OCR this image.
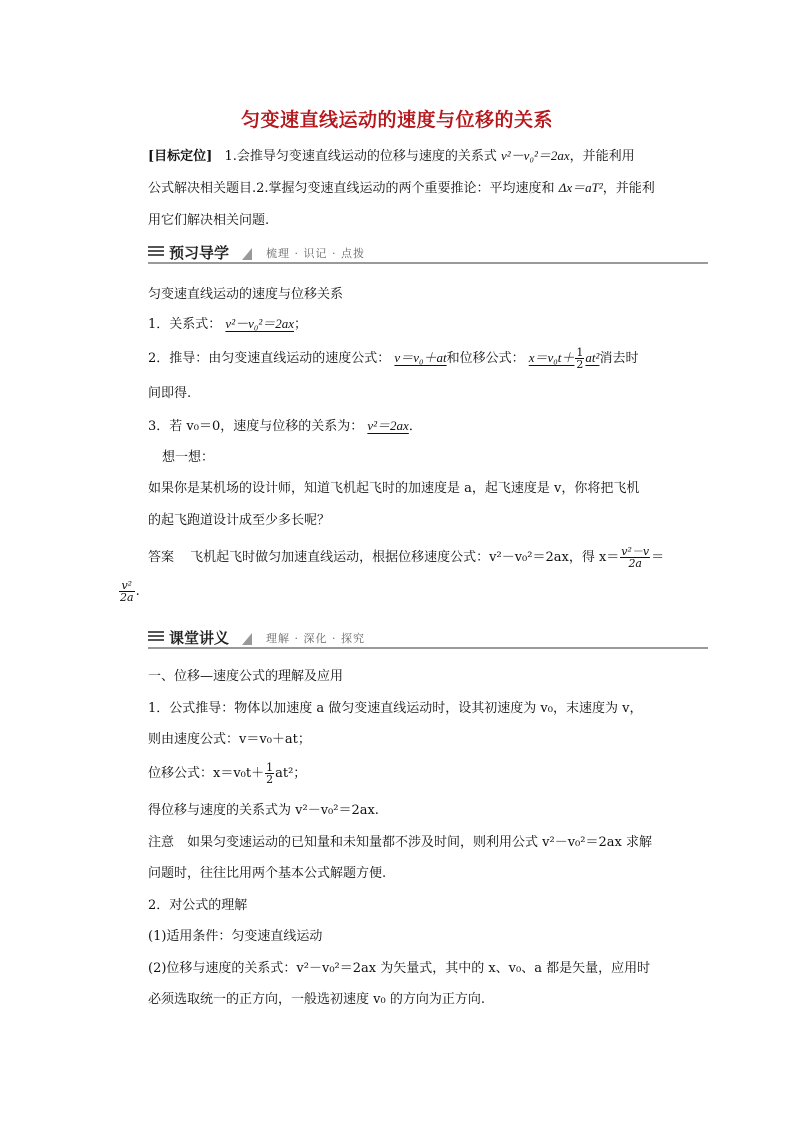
匀变速直线运动的速度与位移的关系
[目标定位] 1.会推导匀变速直线运动的位移与速度的关系式 v²－v₀²＝2ax，并能利用
公式解决相关题目.2.掌握匀变速直线运动的两个重要推论：平均速度和 Δx＝aT²，并能利
用它们解决相关问题.
预习导学	梳理 · 识记 · 点拨
匀变速直线运动的速度与位移关系
1．关系式： v²－v₀²＝2ax；
2．推导：由匀变速直线运动的速度公式： v＝v₀＋at和位移公式： $x=v_0t+ \frac{1}{2} at^2$消去时
间即得.
3．若 v₀＝0，速度与位移的关系为： v²＝2ax．
想一想：
如果你是某机场的设计师，知道飞机起飞时的加速度是 a，起飞速度是 v，你将把飞机
的起飞跑道设计成至少多长呢？
答案 飞机起飞时做匀加速直线运动，根据位移速度公式：v²－v₀²＝2ax，得 $x= \frac{\text{v²－v}}{2a}$ ＝
$\frac{\text{v²}}{2a}$ .
课堂讲义	理解 · 深化 · 探究
一、位移—速度公式的理解及应用
1．公式推导：物体以加速度 a 做匀变速直线运动时，设其初速度为 v₀，末速度为 v，
则由速度公式：v＝v₀＋at；
位移公式：$x=v_0t+ \frac{1}{2} at^2$；
得位移与速度的关系式为 v²－v₀²＝2ax.
注意　如果匀变速运动的已知量和未知量都不涉及时间，则利用公式 v²－v₀²＝2ax 求解
问题时，往往比用两个基本公式解题方便.
2．对公式的理解
(1)适用条件：匀变速直线运动
(2)位移与速度的关系式：v²－v₀²＝2ax 为矢量式，其中的 x、v₀、a 都是矢量，应用时
必须选取统一的正方向，一般选初速度 v₀ 的方向为正方向.
